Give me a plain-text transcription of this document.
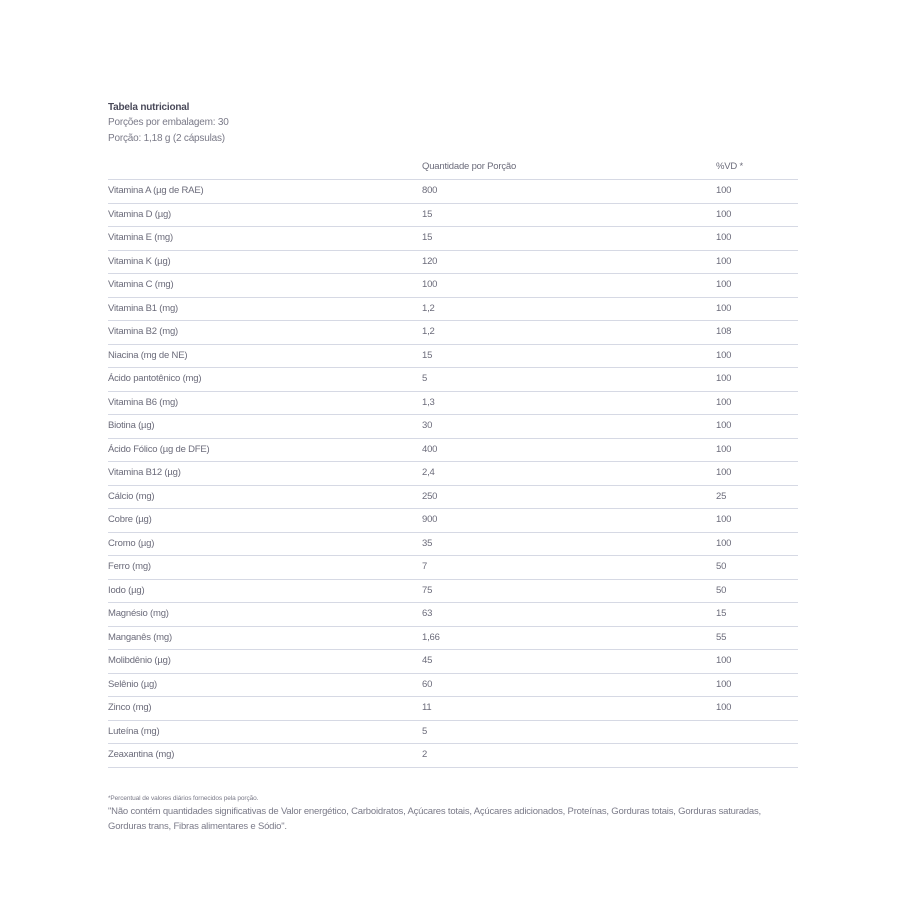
Tabela nutricional
Porções por embalagem: 30
Porção: 1,18 g (2 cápsulas)
	Quantidade por Porção	%VD *
Vitamina A (µg de RAE)	800	100
Vitamina D (µg)	15	100
Vitamina E (mg)	15	100
Vitamina K (µg)	120	100
Vitamina C (mg)	100	100
Vitamina B1 (mg)	1,2	100
Vitamina B2 (mg)	1,2	108
Niacina (mg de NE)	15	100
Ácido pantotênico (mg)	5	100
Vitamina B6 (mg)	1,3	100
Biotina (µg)	30	100
Ácido Fólico (µg de DFE)	400	100
Vitamina B12 (µg)	2,4	100
Cálcio (mg)	250	25
Cobre (µg)	900	100
Cromo (µg)	35	100
Ferro (mg)	7	50
Iodo (µg)	75	50
Magnésio (mg)	63	15
Manganês (mg)	1,66	55
Molibdênio (µg)	45	100
Selênio (µg)	60	100
Zinco (mg)	11	100
Luteína (mg)	5	
Zeaxantina (mg)	2	
*Percentual de valores diários fornecidos pela porção.
"Não contém quantidades significativas de Valor energético, Carboidratos, Açúcares totais, Açúcares adicionados, Proteínas, Gorduras totais, Gorduras saturadas, Gorduras trans, Fibras alimentares e Sódio".
